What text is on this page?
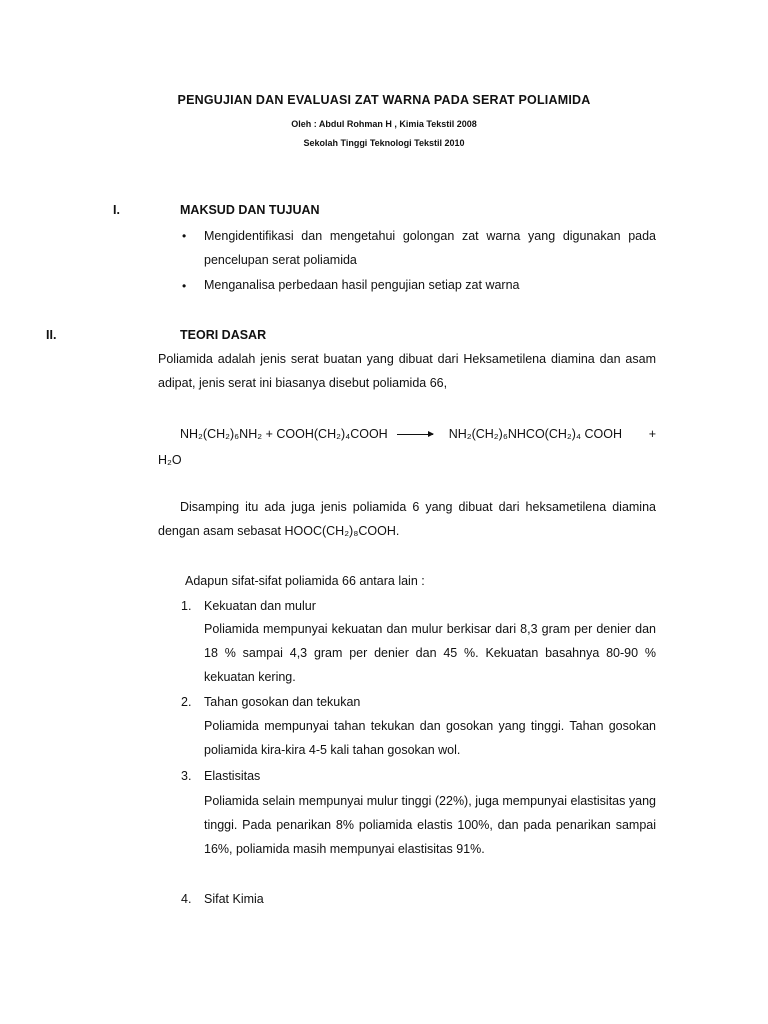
PENGUJIAN DAN EVALUASI ZAT WARNA PADA SERAT POLIAMIDA
Oleh : Abdul Rohman H , Kimia Tekstil 2008
Sekolah Tinggi Teknologi Tekstil 2010
I.	MAKSUD DAN TUJUAN
• Mengidentifikasi dan mengetahui golongan zat warna yang digunakan pada pencelupan serat poliamida
• Menganalisa perbedaan hasil pengujian setiap zat warna
II.	TEORI DASAR
Poliamida adalah jenis serat buatan yang dibuat dari Heksametilena diamina dan asam adipat, jenis serat ini biasanya disebut poliamida 66,
NH₂(CH₂)₆NH₂ + COOH(CH₂)₄COOH → NH₂(CH₂)₆NHCO(CH₂)₄ COOH +
H₂O
Disamping itu ada juga jenis poliamida 6 yang dibuat dari heksametilena diamina dengan asam sebasat HOOC(CH₂)₈COOH.
Adapun sifat-sifat poliamida 66 antara lain :
1. Kekuatan dan mulur
Poliamida mempunyai kekuatan dan mulur berkisar dari 8,3 gram per denier dan 18 % sampai 4,3 gram per denier dan 45 %. Kekuatan basahnya 80-90 % kekuatan kering.
2. Tahan gosokan dan tekukan
Poliamida mempunyai tahan tekukan dan gosokan yang tinggi. Tahan gosokan poliamida kira-kira 4-5 kali tahan gosokan wol.
3. Elastisitas
Poliamida selain mempunyai mulur tinggi (22%), juga mempunyai elastisitas yang tinggi. Pada penarikan 8% poliamida elastis 100%, dan pada penarikan sampai 16%, poliamida masih mempunyai elastisitas 91%.
4. Sifat Kimia
